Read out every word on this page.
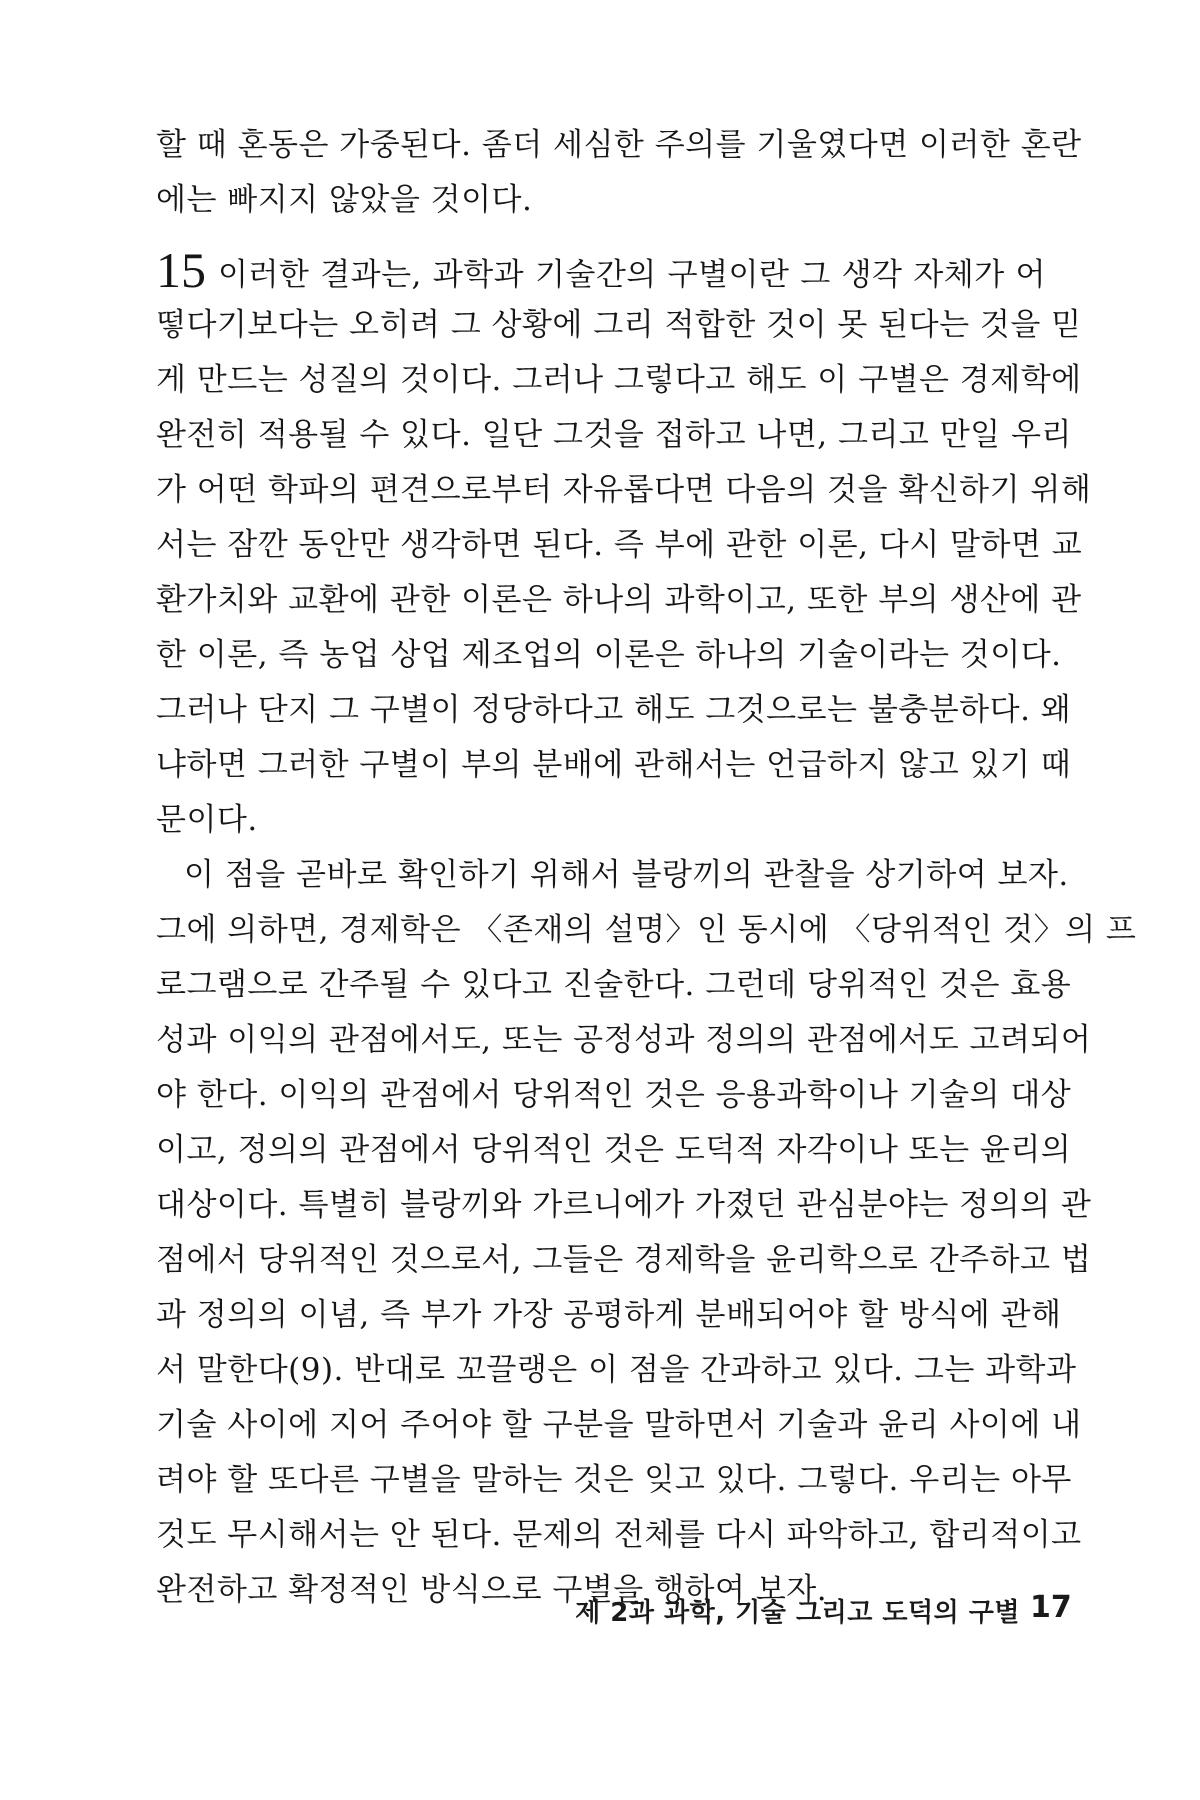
할 때 혼동은 가중된다. 좀더 세심한 주의를 기울였다면 이러한 혼란
에는 빠지지 않았을 것이다.
15 이러한 결과는, 과학과 기술간의 구별이란 그 생각 자체가 어
떻다기보다는 오히려 그 상황에 그리 적합한 것이 못 된다는 것을 믿
게 만드는 성질의 것이다. 그러나 그렇다고 해도 이 구별은 경제학에
완전히 적용될 수 있다. 일단 그것을 접하고 나면, 그리고 만일 우리
가 어떤 학파의 편견으로부터 자유롭다면 다음의 것을 확신하기 위해
서는 잠깐 동안만 생각하면 된다. 즉 부에 관한 이론, 다시 말하면 교
환가치와 교환에 관한 이론은 하나의 과학이고, 또한 부의 생산에 관
한 이론, 즉 농업 상업 제조업의 이론은 하나의 기술이라는 것이다.
그러나 단지 그 구별이 정당하다고 해도 그것으로는 불충분하다. 왜
냐하면 그러한 구별이 부의 분배에 관해서는 언급하지 않고 있기 때
문이다.
이 점을 곧바로 확인하기 위해서 블랑끼의 관찰을 상기하여 보자.
그에 의하면, 경제학은 〈존재의 설명〉인 동시에 〈당위적인 것〉의 프
로그램으로 간주될 수 있다고 진술한다. 그런데 당위적인 것은 효용
성과 이익의 관점에서도, 또는 공정성과 정의의 관점에서도 고려되어
야 한다. 이익의 관점에서 당위적인 것은 응용과학이나 기술의 대상
이고, 정의의 관점에서 당위적인 것은 도덕적 자각이나 또는 윤리의
대상이다. 특별히 블랑끼와 가르니에가 가졌던 관심분야는 정의의 관
점에서 당위적인 것으로서, 그들은 경제학을 윤리학으로 간주하고 법
과 정의의 이념, 즉 부가 가장 공평하게 분배되어야 할 방식에 관해
서 말한다(9). 반대로 꼬끌랭은 이 점을 간과하고 있다. 그는 과학과
기술 사이에 지어 주어야 할 구분을 말하면서 기술과 윤리 사이에 내
려야 할 또다른 구별을 말하는 것은 잊고 있다. 그렇다. 우리는 아무
것도 무시해서는 안 된다. 문제의 전체를 다시 파악하고, 합리적이고
완전하고 확정적인 방식으로 구별을 행하여 보자.
제 2과 과학, 기술 그리고 도덕의 구별 17
